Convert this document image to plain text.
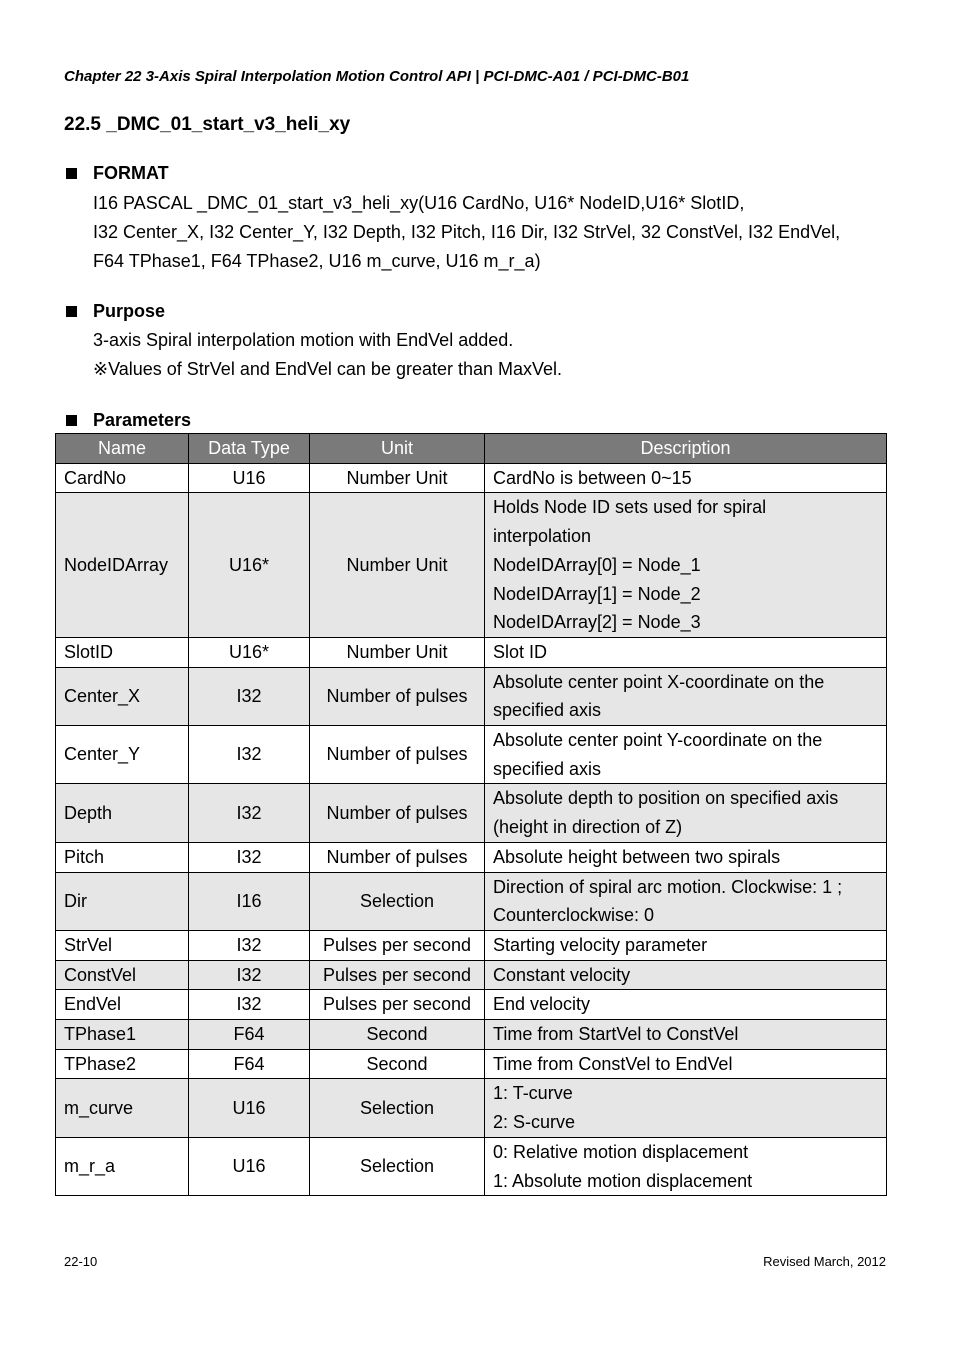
Chapter 22 3-Axis Spiral Interpolation Motion Control API | PCI-DMC-A01 / PCI-DMC-B01
22.5 _DMC_01_start_v3_heli_xy
FORMAT
I16 PASCAL _DMC_01_start_v3_heli_xy(U16 CardNo, U16* NodeID,U16* SlotID,
I32 Center_X, I32 Center_Y, I32 Depth, I32 Pitch, I16 Dir, I32 StrVel, 32 ConstVel, I32 EndVel,
F64 TPhase1, F64 TPhase2, U16 m_curve, U16 m_r_a)
Purpose
3-axis Spiral interpolation motion with EndVel added.
※Values of StrVel and EndVel can be greater than MaxVel.
Parameters
Name	Data Type	Unit	Description
CardNo	U16	Number Unit	CardNo is between 0~15

NodeIDArray	U16*	Number Unit	Holds Node ID sets used for spiral
interpolation
NodeIDArray[0] = Node_1
NodeIDArray[1] = Node_2
NodeIDArray[2] = Node_3

SlotID	U16*	Number Unit	Slot ID

Center_X	I32	Number of pulses	Absolute center point X-coordinate on the
specified axis

Center_Y	I32	Number of pulses	Absolute center point Y-coordinate on the
specified axis

Depth	I32	Number of pulses	Absolute depth to position on specified axis
(height in direction of Z)

Pitch	I32	Number of pulses	Absolute height between two spirals

Dir	I16	Selection	Direction of spiral arc motion. Clockwise: 1 ;
Counterclockwise: 0

StrVel	I32	Pulses per second	Starting velocity parameter

ConstVel	I32	Pulses per second	Constant velocity

EndVel	I32	Pulses per second	End velocity

TPhase1	F64	Second	Time from StartVel to ConstVel

TPhase2	F64	Second	Time from ConstVel to EndVel

m_curve	U16	Selection	1: T-curve
2: S-curve

m_r_a	U16	Selection	0: Relative motion displacement
1: Absolute motion displacement
22-10	Revised March, 2012
